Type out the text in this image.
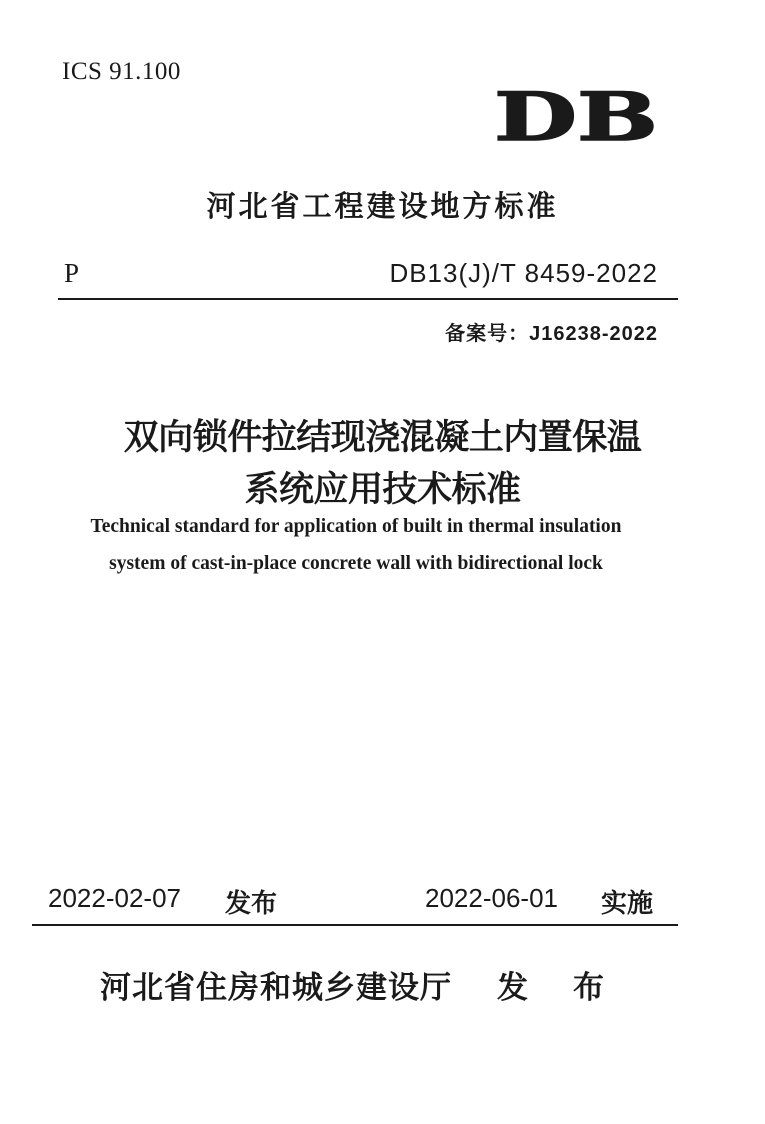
ICS 91.100
DB
河北省工程建设地方标准
P	DB13(J)/T 8459-2022
备案号：J16238-2022
双向锁件拉结现浇混凝土内置保温
系统应用技术标准
Technical standard for application of built in thermal insulation
system of cast-in-place concrete wall with bidirectional lock
2022-02-07 发布	2022-06-01 实施
河北省住房和城乡建设厅 发 布
